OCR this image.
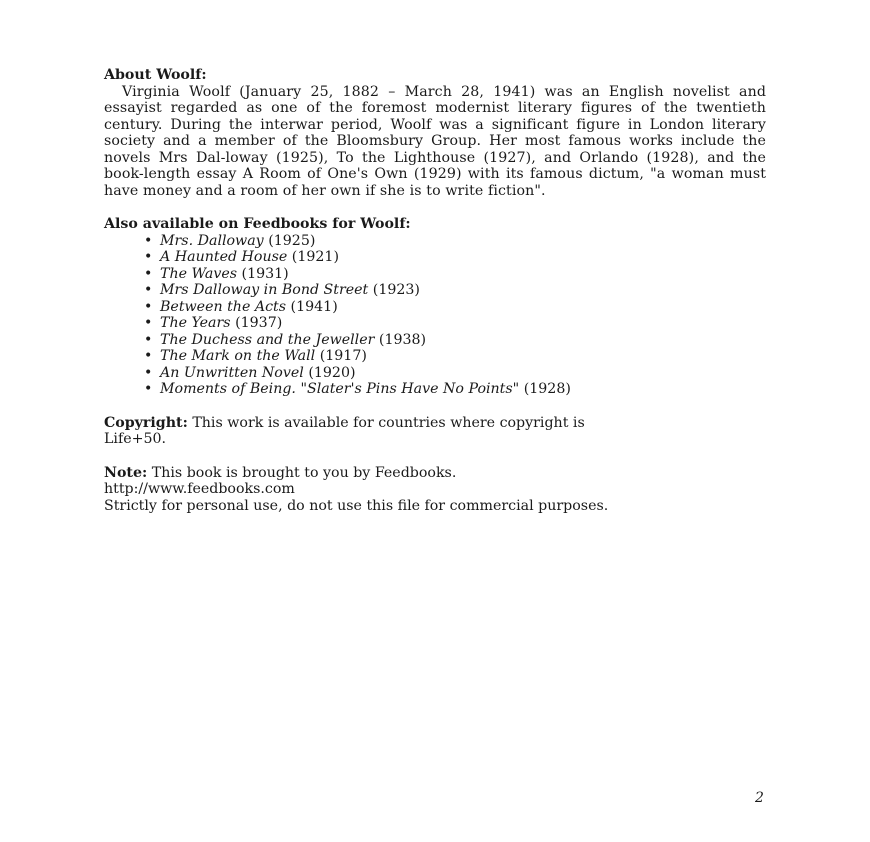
About Woolf:

Virginia Woolf (January 25, 1882 – March 28, 1941) was an English novelist and essayist regarded as one of the foremost modernist literary figures of the twentieth century. During the interwar period, Woolf was a significant figure in London literary society and a member of the Bloomsbury Group. Her most famous works include the novels Mrs Dal-loway (1925), To the Lighthouse (1927), and Orlando (1928), and the book-length essay A Room of One's Own (1929) with its famous dictum, "a woman must have money and a room of her own if she is to write fiction".

Also available on Feedbooks for Woolf:
• Mrs. Dalloway (1925)
• A Haunted House (1921)
• The Waves (1931)
• Mrs Dalloway in Bond Street (1923)
• Between the Acts (1941)
• The Years (1937)
• The Duchess and the Jeweller (1938)
• The Mark on the Wall (1917)
• An Unwritten Novel (1920)
• Moments of Being. "Slater's Pins Have No Points" (1928)
Copyright: This work is available for countries where copyright is
Life+50.
Note: This book is brought to you by Feedbooks.
http://www.feedbooks.com
Strictly for personal use, do not use this file for commercial purposes.
2
